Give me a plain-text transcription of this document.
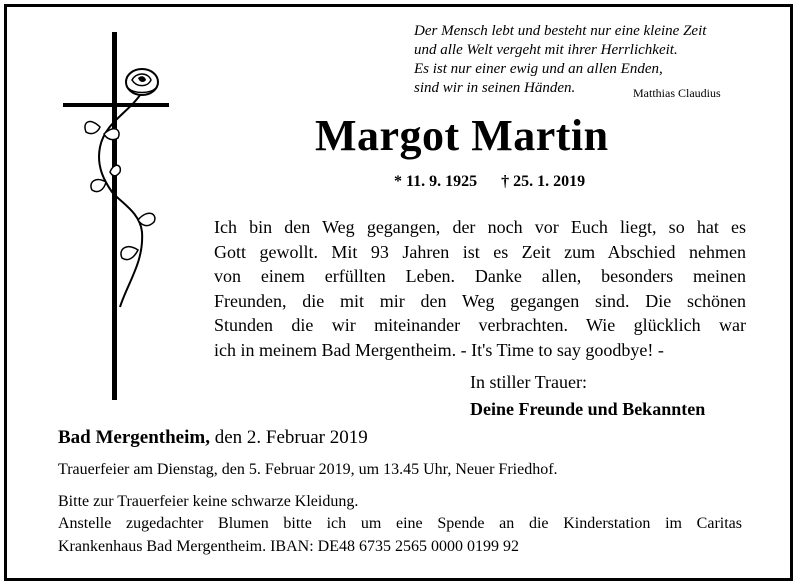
Der Mensch lebt und besteht nur eine kleine Zeit
und alle Welt vergeht mit ihrer Herrlichkeit.
Es ist nur einer ewig und an allen Enden,
sind wir in seinen Händen.	Matthias Claudius
Margot Martin
* 11. 9. 1925 † 25. 1. 2019
Ich bin den Weg gegangen, der noch vor Euch liegt, so hat es
Gott gewollt. Mit 93 Jahren ist es Zeit zum Abschied nehmen
von einem erfüllten Leben. Danke allen, besonders meinen
Freunden, die mit mir den Weg gegangen sind. Die schönen
Stunden die wir miteinander verbrachten. Wie glücklich war
ich in meinem Bad Mergentheim. - It's Time to say goodbye! -
In stiller Trauer:
Deine Freunde und Bekannten
Bad Mergentheim, den 2. Februar 2019
Trauerfeier am Dienstag, den 5. Februar 2019, um 13.45 Uhr, Neuer Friedhof.
Bitte zur Trauerfeier keine schwarze Kleidung.
Anstelle zugedachter Blumen bitte ich um eine Spende an die Kinderstation im Caritas
Krankenhaus Bad Mergentheim. IBAN: DE48 6735 2565 0000 0199 92
